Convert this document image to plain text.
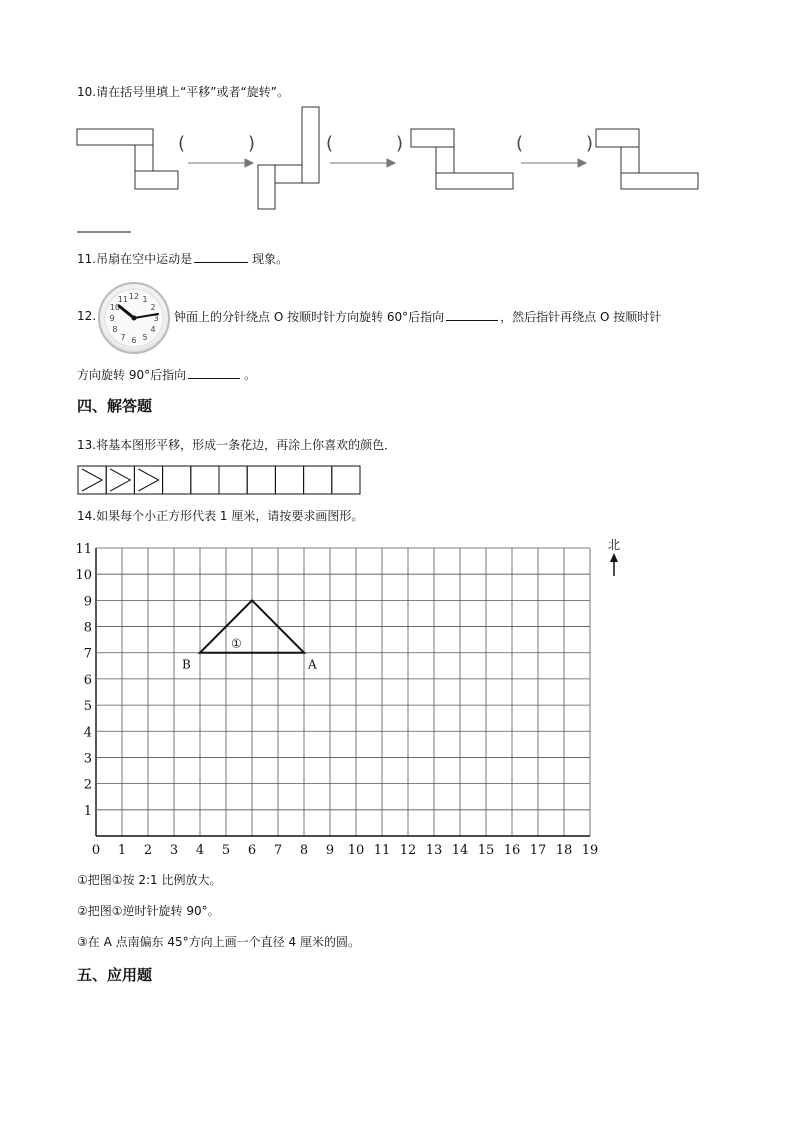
10.请在括号里填上“平移”或者“旋转”。
(	)	(	)	(	)
11.吊扇在空中运动是	现象。
12.
12 1
2
3
4
5
6
7
8
9
10
11
钟面上的分针绕点 O 按顺时针方向旋转 60°后指向	，然后指针再绕点 O 按顺时针
方向旋转 90°后指向	。
四、解答题
13.将基本图形平移，形成一条花边，再涂上你喜欢的颜色．
14.如果每个小正方形代表 1 厘米，请按要求画图形。
0 1 2 3 4 5 6 7 8 9 10 11 12 13 14 15 16 17 18 19
1
2
3
4
5
6
7
8
9
10
11
B	A
①
北
①把图①按 2:1 比例放大。
②把图①逆时针旋转 90°。
③在 A 点南偏东 45°方向上画一个直径 4 厘米的圆。
五、应用题
